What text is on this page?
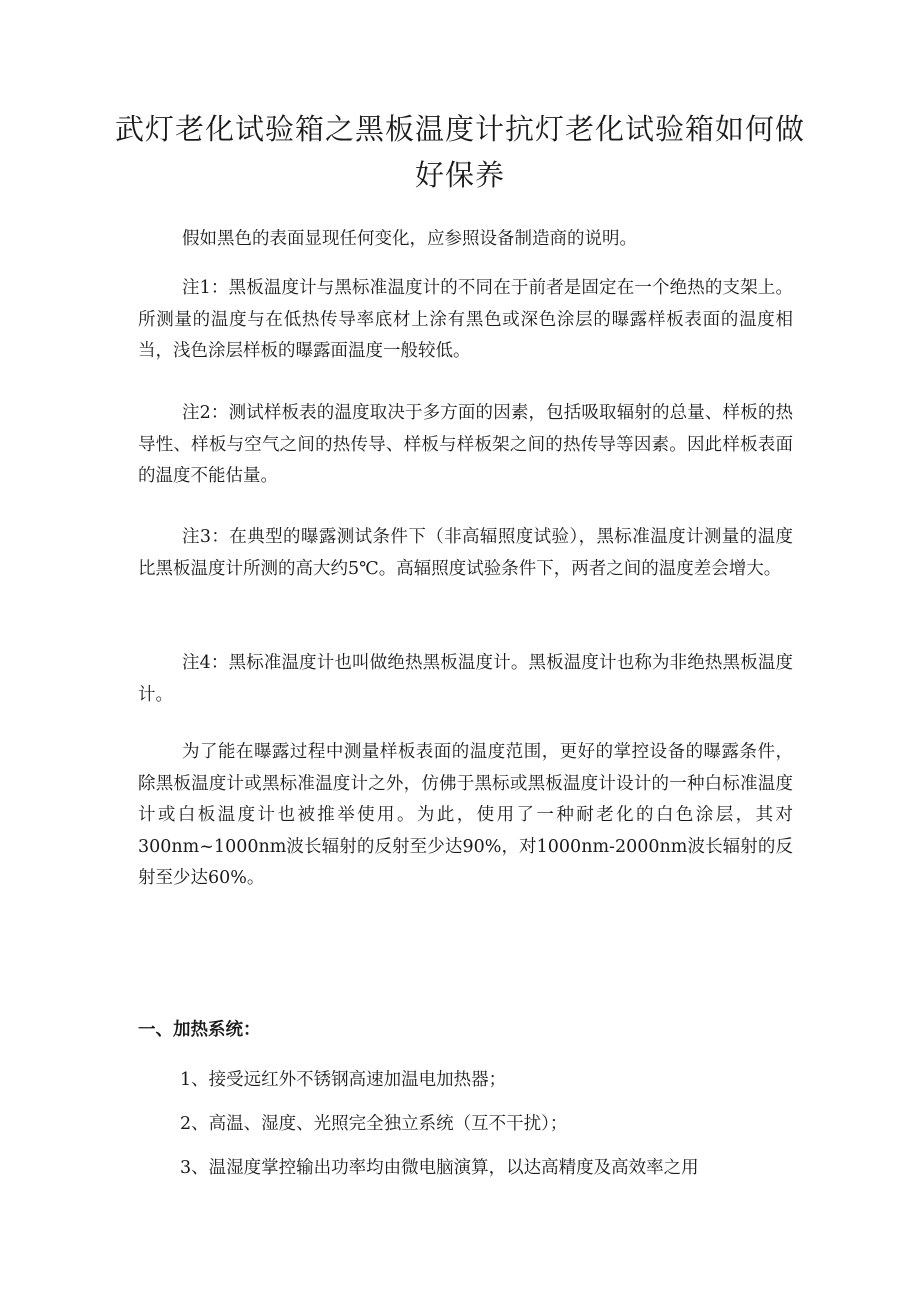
武灯老化试验箱之黑板温度计抗灯老化试验箱如何做好保养

假如黑色的表面显现任何变化，应参照设备制造商的说明。

注1：黑板温度计与黑标准温度计的不同在于前者是固定在一个绝热的支架上。所测量的温度与在低热传导率底材上涂有黑色或深色涂层的曝露样板表面的温度相当，浅色涂层样板的曝露面温度一般较低。

注2：测试样板表的温度取决于多方面的因素，包括吸取辐射的总量、样板的热导性、样板与空气之间的热传导、样板与样板架之间的热传导等因素。因此样板表面的温度不能估量。

注3：在典型的曝露测试条件下（非高辐照度试验），黑标准温度计测量的温度比黑板温度计所测的高大约5℃。高辐照度试验条件下，两者之间的温度差会增大。

注4：黑标准温度计也叫做绝热黑板温度计。黑板温度计也称为非绝热黑板温度计。

为了能在曝露过程中测量样板表面的温度范围，更好的掌控设备的曝露条件，除黑板温度计或黑标准温度计之外，仿佛于黑标或黑板温度计设计的一种白标准温度计或白板温度计也被推举使用。为此，使用了一种耐老化的白色涂层，其对300nm~1000nm波长辐射的反射至少达90%，对1000nm-2000nm波长辐射的反射至少达60%。

一、加热系统：
1、接受远红外不锈钢高速加温电加热器；
2、高温、湿度、光照完全独立系统（互不干扰）；
3、温湿度掌控输出功率均由微电脑演算，以达高精度及高效率之用
